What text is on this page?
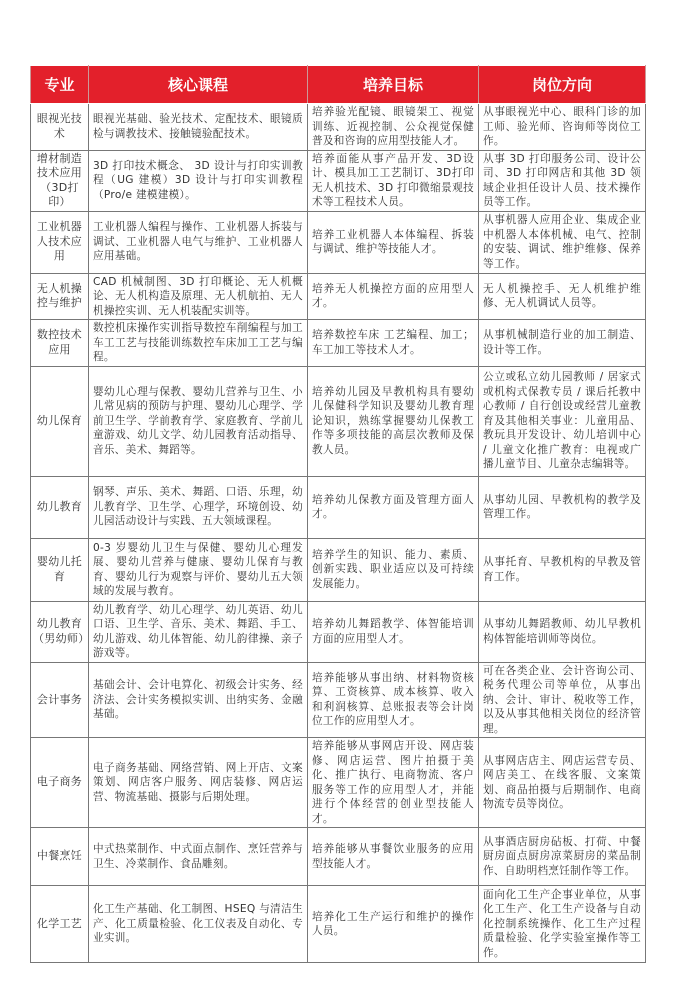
专业	核心课程	培养目标	岗位方向
眼视光技术	眼视光基础、验光技术、定配技术、眼镜质检与调教技术、接触镜验配技术。	培养验光配镜、眼镜架工、视觉训练、近视控制、公众视觉保健普及和咨询的应用型技能人才。	从事眼视光中心、眼科门诊的加工师、验光师、咨询师等岗位工作。
增材制造技术应用（3D打印）	3D 打印技术概念、 3D 设计与打印实训教程（UG 建模）3D 设计与打印实训教程（Pro/e 建模建模）。	培养面能从事产品开发、3D设计、模具加工工艺制订、3D打印无人机技术、3D 打印微缩景观技术等工程技术人员。	从事 3D 打印服务公司、设计公司、3D 打印网店和其他 3D 领域企业担任设计人员、技术操作员等工作。
工业机器人技术应用	工业机器人编程与操作、工业机器人拆装与调试、工业机器人电气与维护、工业机器人应用基础。	培养工业机器人本体编程、拆装与调试、维护等技能人才。	从事机器人应用企业、集成企业中机器人本体机械、电气、控制的安装、调试、维护维修、保养等工作。
无人机操控与维护	CAD 机械制图、3D 打印概论、无人机概论、无人机构造及原理、无人机航拍、无人机操控实训、无人机装配实训等。	培养无人机操控方面的应用型人才。	无人机操控手、无人机维护维修、无人机调试人员等。
数控技术应用	数控机床操作实训指导数控车削编程与加工车工工艺与技能训练数控车床加工工艺与编程。	培养数控车床 工艺编程、加工；车工加工等技术人才。	从事机械制造行业的加工制造、设计等工作。
幼儿保育	婴幼儿心理与保教、婴幼儿营养与卫生、小儿常见病的预防与护理、婴幼儿心理学、学前卫生学、学前教育学、家庭教育、学前儿童游戏、幼儿文学、幼儿园教育活动指导、音乐、美术、舞蹈等。	培养幼儿园及早教机构具有婴幼儿保健科学知识及婴幼儿教育理论知识，熟练掌握婴幼儿保教工作等多项技能的高层次教师及保教人员。	公立或私立幼儿园教师 / 居家式或机构式保教专员 / 课后托教中心教师 / 自行创设或经营儿童教育及其他相关事业：儿童用品、教玩具开发设计、幼儿培训中心 / 儿童文化推广教育：电视或广播儿童节目、儿童杂志编辑等。
幼儿教育	钢琴、声乐、美术、舞蹈、口语、乐理，幼儿教育学、卫生学、心理学，环境创设、幼儿园活动设计与实践、五大领域课程。	培养幼儿保教方面及管理方面人才。	从事幼儿园、早教机构的教学及管理工作。
婴幼儿托育	0-3 岁婴幼儿卫生与保健、婴幼儿心理发展、婴幼儿营养与健康、婴幼儿保育与教育、婴幼儿行为观察与评价、婴幼儿五大领域的发展与教育。	培养学生的知识、能力、素质、创新实践、职业适应以及可持续发展能力。	从事托育、早教机构的早教及管育工作。
幼儿教育（男幼师）	幼儿教育学、幼儿心理学、幼儿英语、幼儿口语、卫生学、音乐、美术、舞蹈、手工、幼儿游戏、幼儿体智能、幼儿韵律操、亲子游戏等。	培养幼儿舞蹈教学、体智能培训方面的应用型人才。	从事幼儿舞蹈教师、幼儿早教机构体智能培训师等岗位。
会计事务	基础会计、会计电算化、初级会计实务、经济法、会计实务模拟实训、出纳实务、金融基础。	培养能够从事出纳、材料物资核算、工资核算、成本核算、收入和利润核算、总账报表等会计岗位工作的应用型人才。	可在各类企业、会计咨询公司、税务代理公司等单位，从事出纳、会计、审计、税收等工作，以及从事其他相关岗位的经济管理。
电子商务	电子商务基础、网络营销、网上开店、文案策划、网店客户服务、网店装修、网店运营、物流基础、摄影与后期处理。	培养能够从事网店开设、网店装修、网店运营、图片拍摄于美化、推广执行、电商物流、客户服务等工作的应用型人才，并能进行个体经营的创业型技能人才。	从事网店店主、网店运营专员、网店美工、在线客服、文案策划、商品拍摄与后期制作、电商物流专员等岗位。
中餐烹饪	中式热菜制作、中式面点制作、烹饪营养与卫生、冷菜制作、食品雕刻。	培养能够从事餐饮业服务的应用型技能人才。	从事酒店厨房砧板、打荷、中餐厨房面点厨房凉菜厨房的菜品制作、自助明档烹饪制作等工作。
化学工艺	化工生产基础、化工制图、HSEQ 与清洁生产、化工质量检验、化工仪表及自动化、专业实训。	培养化工生产运行和维护的操作人员。	面向化工生产企事业单位，从事化工生产、化工生产设备与自动化控制系统操作、化工生产过程质量检验、化学实验室操作等工作。
